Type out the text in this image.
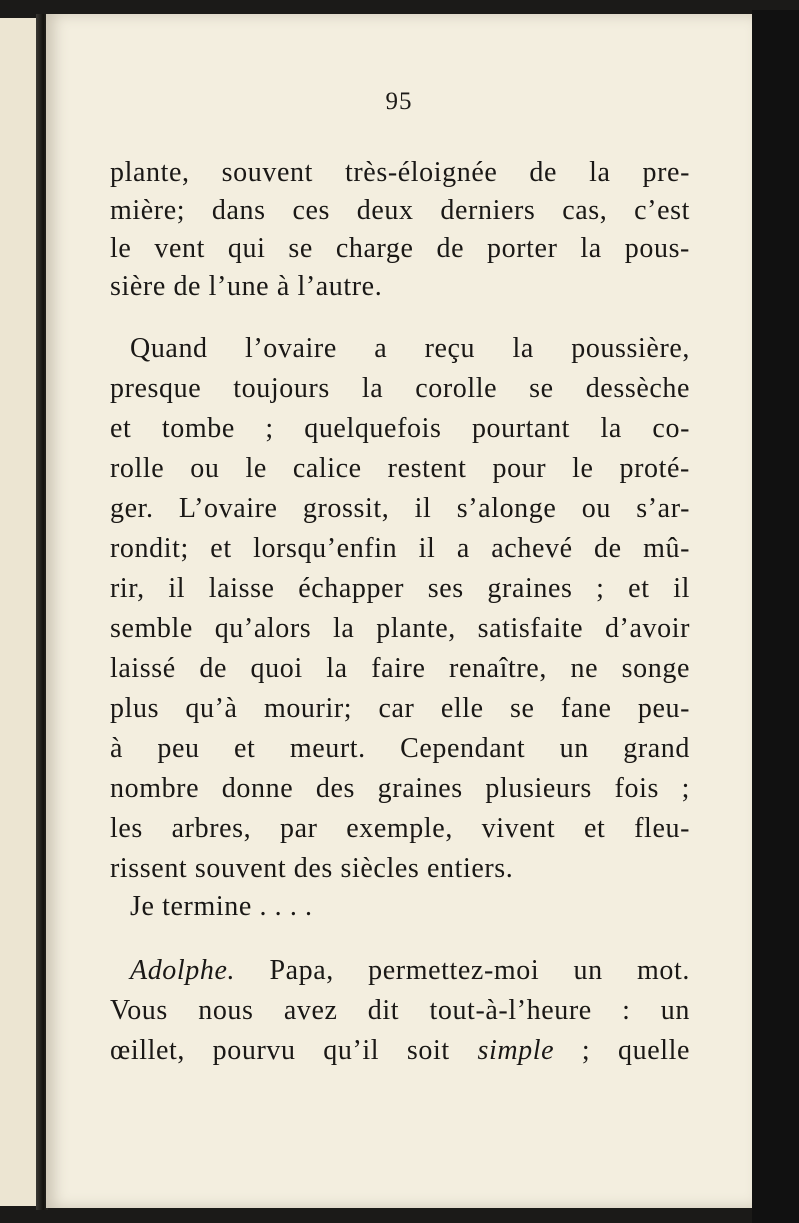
95
plante, souvent très-éloignée de la pre-
mière; dans ces deux derniers cas, c’est
le vent qui se charge de porter la pous-
sière de l’une à l’autre.
Quand l’ovaire a reçu la poussière,
presque toujours la corolle se dessèche
et tombe ; quelquefois pourtant la co-
rolle ou le calice restent pour le proté-
ger. L’ovaire grossit, il s’alonge ou s’ar-
rondit; et lorsqu’enfin il a achevé de mû-
rir, il laisse échapper ses graines ; et il
semble qu’alors la plante, satisfaite d’avoir
laissé de quoi la faire renaître, ne songe
plus qu’à mourir; car elle se fane peu-
à peu et meurt. Cependant un grand
nombre donne des graines plusieurs fois ;
les arbres, par exemple, vivent et fleu-
rissent souvent des siècles entiers.
Je termine . . . .
Adolphe. Papa, permettez-moi un mot.
Vous nous avez dit tout-à-l’heure : un
œillet, pourvu qu’il soit simple ; quelle
